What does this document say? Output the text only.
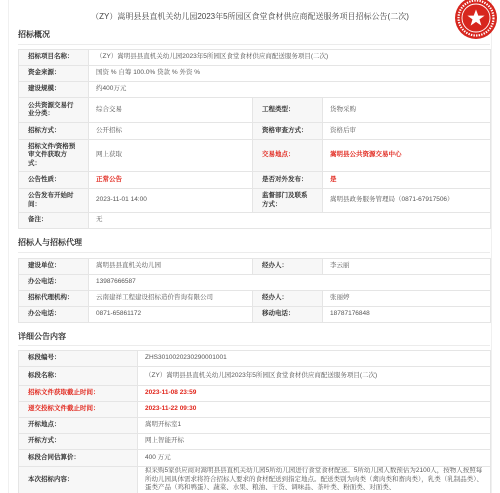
（ZY）嵩明县县直机关幼儿园2023年5所园区食堂食材供应商配送服务项目招标公告(二次)
招标概况
招标项目名称：	（ZY）嵩明县县直机关幼儿园2023年5所园区食堂食材供应商配送服务项目(二次)		
资金来源：	国资 % 自筹 100.0% 贷款 % 外资 %		
建设规模：	约400万元		
公共资源交易行业分类：	综合交易	工程类型：	货物采购
招标方式：	公开招标	资格审查方式：	资格后审
招标文件/资格预审文件获取方式：	网上获取	交易地点：	嵩明县公共资源交易中心
公告性质：	正常公告	是否对外发布：	是
公告发布开始时间：	2023-11-01 14:00	监督部门及联系方式：	嵩明县政务服务管理局（0871-67917506）
备注：	无		
招标人与招标代理
建设单位：	嵩明县县直机关幼儿园	经办人：	李云丽
办公电话：	13987666587		
招标代理机构：	云南建祥工程建设招标造价咨询有限公司	经办人：	张丽婷
办公电话：	0871-65861172	移动电话：	18787176848
详细公告内容
标段编号：	ZHS3010020230290001001
标段名称：	（ZY）嵩明县县直机关幼儿园2023年5所园区食堂食材供应商配送服务项目(二次)
招标文件获取截止时间：	2023-11-08 23:59
递交投标文件截止时间：	2023-11-22 09:30
开标地点：	嵩明开标室1
开标方式：	网上智能开标
标段合同估算价：	400 万元
本次招标内容：	拟采购5家供应商对嵩明县县直机关幼儿园5所幼儿园进行食堂食材配送。5所幼儿园人数预估为2100人，按物人按照每所幼儿园具体需求将符合招标人要求的食材配送到指定地点。配送类别为肉类（禽肉类和畜肉类），乳类（乳制品类）、蛋类产品（鸡和鸭蛋）、蔬菜、水果、粮油、干货、调味品、茶叶类、粉面类、对面类、
